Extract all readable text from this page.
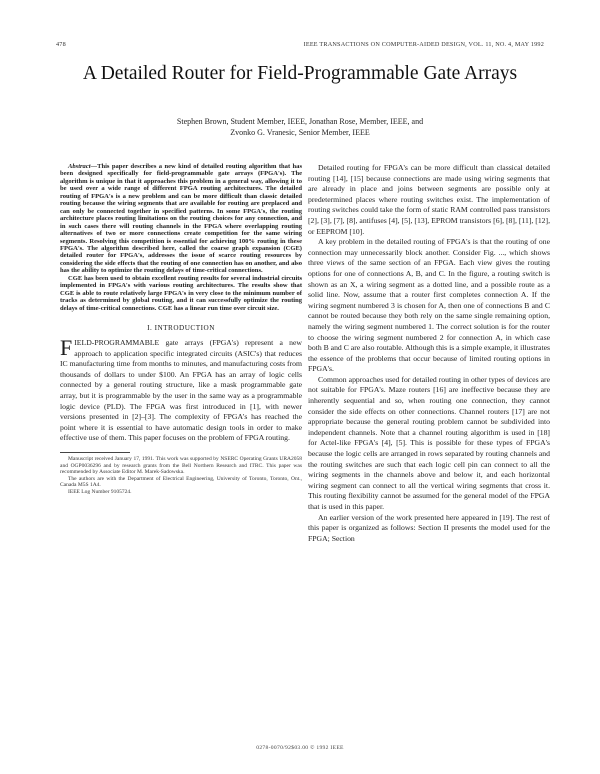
478	IEEE TRANSACTIONS ON COMPUTER-AIDED DESIGN, VOL. 11, NO. 4, MAY 1992
A Detailed Router for Field-Programmable Gate Arrays
Stephen Brown, Student Member, IEEE, Jonathan Rose, Member, IEEE, and
Zvonko G. Vranesic, Senior Member, IEEE

Abstract—This paper describes a new kind of detailed routing algorithm that has been designed specifically for field-programmable gate arrays (FPGA's). The algorithm is unique in that it approaches this problem in a general way, allowing it to be used over a wide range of different FPGA routing architectures. The detailed routing of FPGA's is a new problem and can be more difficult than classic detailed routing because the wiring segments that are available for routing are preplaced and can only be connected together in specified patterns. In some FPGA's, the routing architecture places routing limitations on the routing choices for any connection, and in such cases there will routing channels in the FPGA where overlapping routing alternatives of two or more connections create competition for the same wiring segments. Resolving this competition is essential for achieving 100% routing in these FPGA's. The algorithm described here, called the coarse graph expansion (CGE) detailed router for FPGA's, addresses the issue of scarce routing resources by considering the side effects that the routing of one connection has on another, and also has the ability to optimize the routing delays of time-critical connections.

CGE has been used to obtain excellent routing results for several industrial circuits implemented in FPGA's with various routing architectures. The results show that CGE is able to route relatively large FPGA's in very close to the minimum number of tracks as determined by global routing, and it can successfully optimize the routing delays of time-critical connections. CGE has a linear run time over circuit size.

I. INTRODUCTION

FIELD-PROGRAMMABLE gate arrays (FPGA's) represent a new approach to application specific integrated circuits (ASIC's) that reduces IC manufacturing time from months to minutes, and manufacturing costs from thousands of dollars to under $100. An FPGA has an array of logic cells connected by a general routing structure, like a mask programmable gate array, but it is programmable by the user in the same way as a programmable logic device (PLD). The FPGA was first introduced in [1], with newer versions presented in [2]–[3]. The complexity of FPGA's has reached the point where it is essential to have automatic design tools in order to make effective use of them. This paper focuses on the problem of FPGA routing.

Manuscript received January 17, 1991. This work was supported by NSERC Operating Grants URA2058 and OGP0036296 and by research grants from the Bell Northern Research and ITRC. This paper was recommended by Associate Editor M. Marek-Sadowska.

The authors are with the Department of Electrical Engineering, University of Toronto, Toronto, Ont., Canada M5S 1A4.

IEEE Log Number 9105724.

Detailed routing for FPGA's can be more difficult than classical detailed routing [14], [15] because connections are made using wiring segments that are already in place and joins between segments are possible only at predetermined places where routing switches exist. The implementation of routing switches could take the form of static RAM controlled pass transistors [2], [3], [7], [8], antifuses [4], [5], [13], EPROM transistors [6], [8], [11], [12], or EEPROM [10].

A key problem in the detailed routing of FPGA's is that the routing of one connection may unnecessarily block another. Consider Fig. ..., which shows three views of the same section of an FPGA. Each view gives the routing options for one of connections A, B, and C. In the figure, a routing switch is shown as an X, a wiring segment as a dotted line, and a possible route as a solid line. Now, assume that a router first completes connection A. If the wiring segment numbered 3 is chosen for A, then one of connections B and C cannot be routed because they both rely on the same single remaining option, namely the wiring segment numbered 1. The correct solution is for the router to choose the wiring segment numbered 2 for connection A, in which case both B and C are also routable. Although this is a simple example, it illustrates the essence of the problems that occur because of limited routing options in FPGA's.

Common approaches used for detailed routing in other types of devices are not suitable for FPGA's. Maze routers [16] are ineffective because they are inherently sequential and so, when routing one connection, they cannot consider the side effects on other connections. Channel routers [17] are not appropriate because the general routing problem cannot be subdivided into independent channels. Note that a channel routing algorithm is used in [18] for Actel-like FPGA's [4], [5]. This is possible for these types of FPGA's because the logic cells are arranged in rows separated by routing channels and the routing switches are such that each logic cell pin can connect to all the wiring segments in the channels above and below it, and each horizontal wiring segment can connect to all the vertical wiring segments that cross it. This routing flexibility cannot be assumed for the general model of the FPGA that is used in this paper.

An earlier version of the work presented here appeared in [19]. The rest of this paper is organized as follows: Section II presents the model used for the FPGA; Section

0278-0070/92$03.00 © 1992 IEEE
